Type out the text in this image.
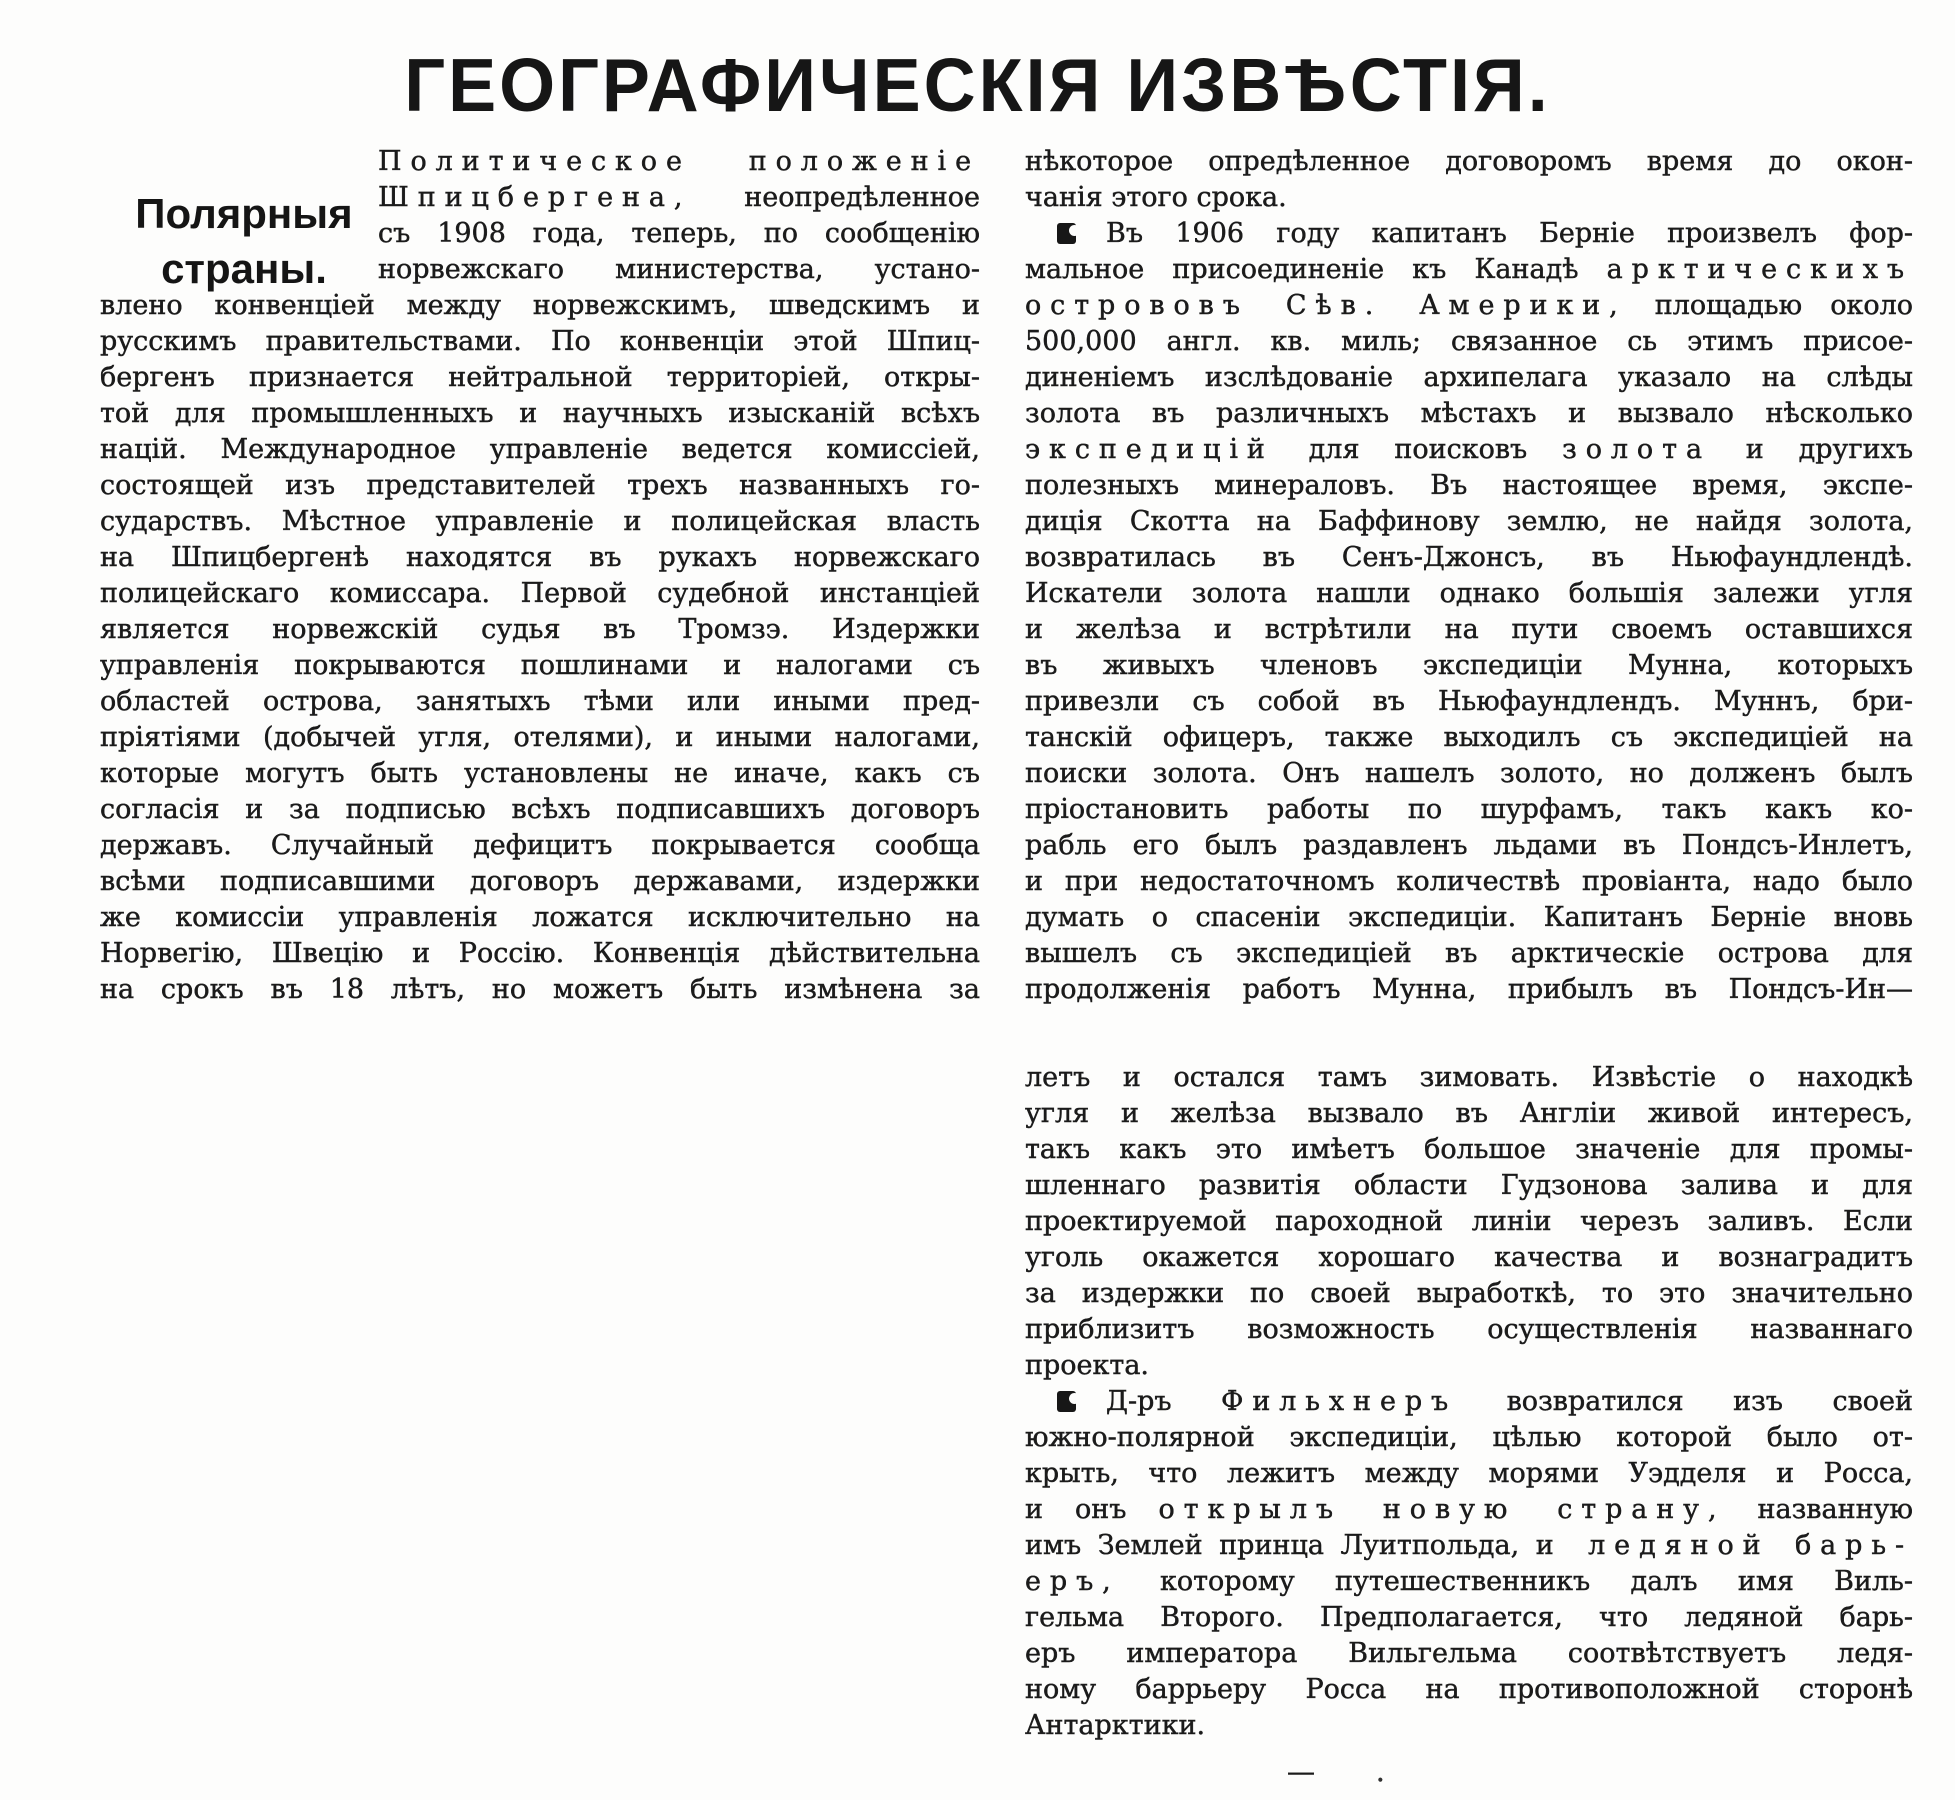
ГЕОГРАФИЧЕСКІЯ ИЗВѢСТІЯ.
Полярныя
страны.
Политическое положеніе
Шпицбергена, неопредѣленное
съ 1908 года, теперь, по сообщенію
норвежскаго министерства, устано-
влено конвенціей между норвежскимъ, шведскимъ и
русскимъ правительствами. По конвенціи этой Шпиц-
бергенъ признается нейтральной территоріей, откры-
той для промышленныхъ и научныхъ изысканій всѣхъ
націй. Международное управленіе ведется комиссіей,
состоящей изъ представителей трехъ названныхъ го-
сударствъ. Мѣстное управленіе и полицейская власть
на Шпицбергенѣ находятся въ рукахъ норвежскаго
полицейскаго комиссара. Первой судебной инстанціей
является норвежскій судья въ Тромзэ. Издержки
управленія покрываются пошлинами и налогами съ
областей острова, занятыхъ тѣми или иными пред-
пріятіями (добычей угля, отелями), и иными налогами,
которые могутъ быть установлены не иначе, какъ съ
согласія и за подписью всѣхъ подписавшихъ договоръ
державъ. Случайный дефицитъ покрывается сообща
всѣми подписавшими договоръ державами, издержки
же комиссіи управленія ложатся исключительно на
Норвегію, Швецію и Россію. Конвенція дѣйствительна
на срокъ въ 18 лѣтъ, но можетъ быть измѣнена за
нѣкоторое опредѣленное договоромъ время до окон-
чанія этого срока.
Въ 1906 году капитанъ Берніе произвелъ фор-
мальное присоединеніе къ Канадѣ арктическихъ
острововъ Сѣв. Америки, площадью около
500,000 англ. кв. миль; связанное сь этимъ присое-
диненіемъ изслѣдованіе архипелага указало на слѣды
золота въ различныхъ мѣстахъ и вызвало нѣсколько
экспедицій для поисковъ золота и другихъ
полезныхъ минераловъ. Въ настоящее время, экспе-
диція Скотта на Баффинову землю, не найдя золота,
возвратилась въ Сенъ-Джонсъ, въ Ньюфаундлендѣ.
Искатели золота нашли однако большія залежи угля
и желѣза и встрѣтили на пути своемъ оставшихся
въ живыхъ членовъ экспедиціи Мунна, которыхъ
привезли съ собой въ Ньюфаундлендъ. Муннъ, бри-
танскій офицеръ, также выходилъ съ экспедиціей на
поиски золота. Онъ нашелъ золото, но долженъ былъ
пріостановить работы по шурфамъ, такъ какъ ко-
рабль его былъ раздавленъ льдами въ Пондсъ-Инлетъ,
и при недостаточномъ количествѣ провіанта, надо было
думать о спасеніи экспедиціи. Капитанъ Берніе вновь
вышелъ съ экспедиціей въ арктическіе острова для
продолженія работъ Мунна, прибылъ въ Пондсъ-Ин—
летъ и остался тамъ зимовать. Извѣстіе о находкѣ
угля и желѣза вызвало въ Англіи живой интересъ,
такъ какъ это имѣетъ большое значеніе для промы-
шленнаго развитія области Гудзонова залива и для
проектируемой пароходной линіи черезъ заливъ. Если
уголь окажется хорошаго качества и вознаградитъ
за издержки по своей выработкѣ, то это значительно
приблизитъ возможность осуществленія названнаго
проекта.
Д-ръ Фильхнеръ возвратился изъ своей
южно-полярной экспедиціи, цѣлью которой было от-
крыть, что лежитъ между морями Уэдделя и Росса,
и онъ открылъ новую страну, названную
имъ Землей принца Луитпольда, и ледяной барь-
еръ, которому путешественникъ далъ имя Виль-
гельма Второго. Предполагается, что ледяной барь-
еръ императора Вильгельма соотвѣтствуетъ ледя-
ному баррьеру Росса на противоположной сторонѣ
Антарктики.
— .
